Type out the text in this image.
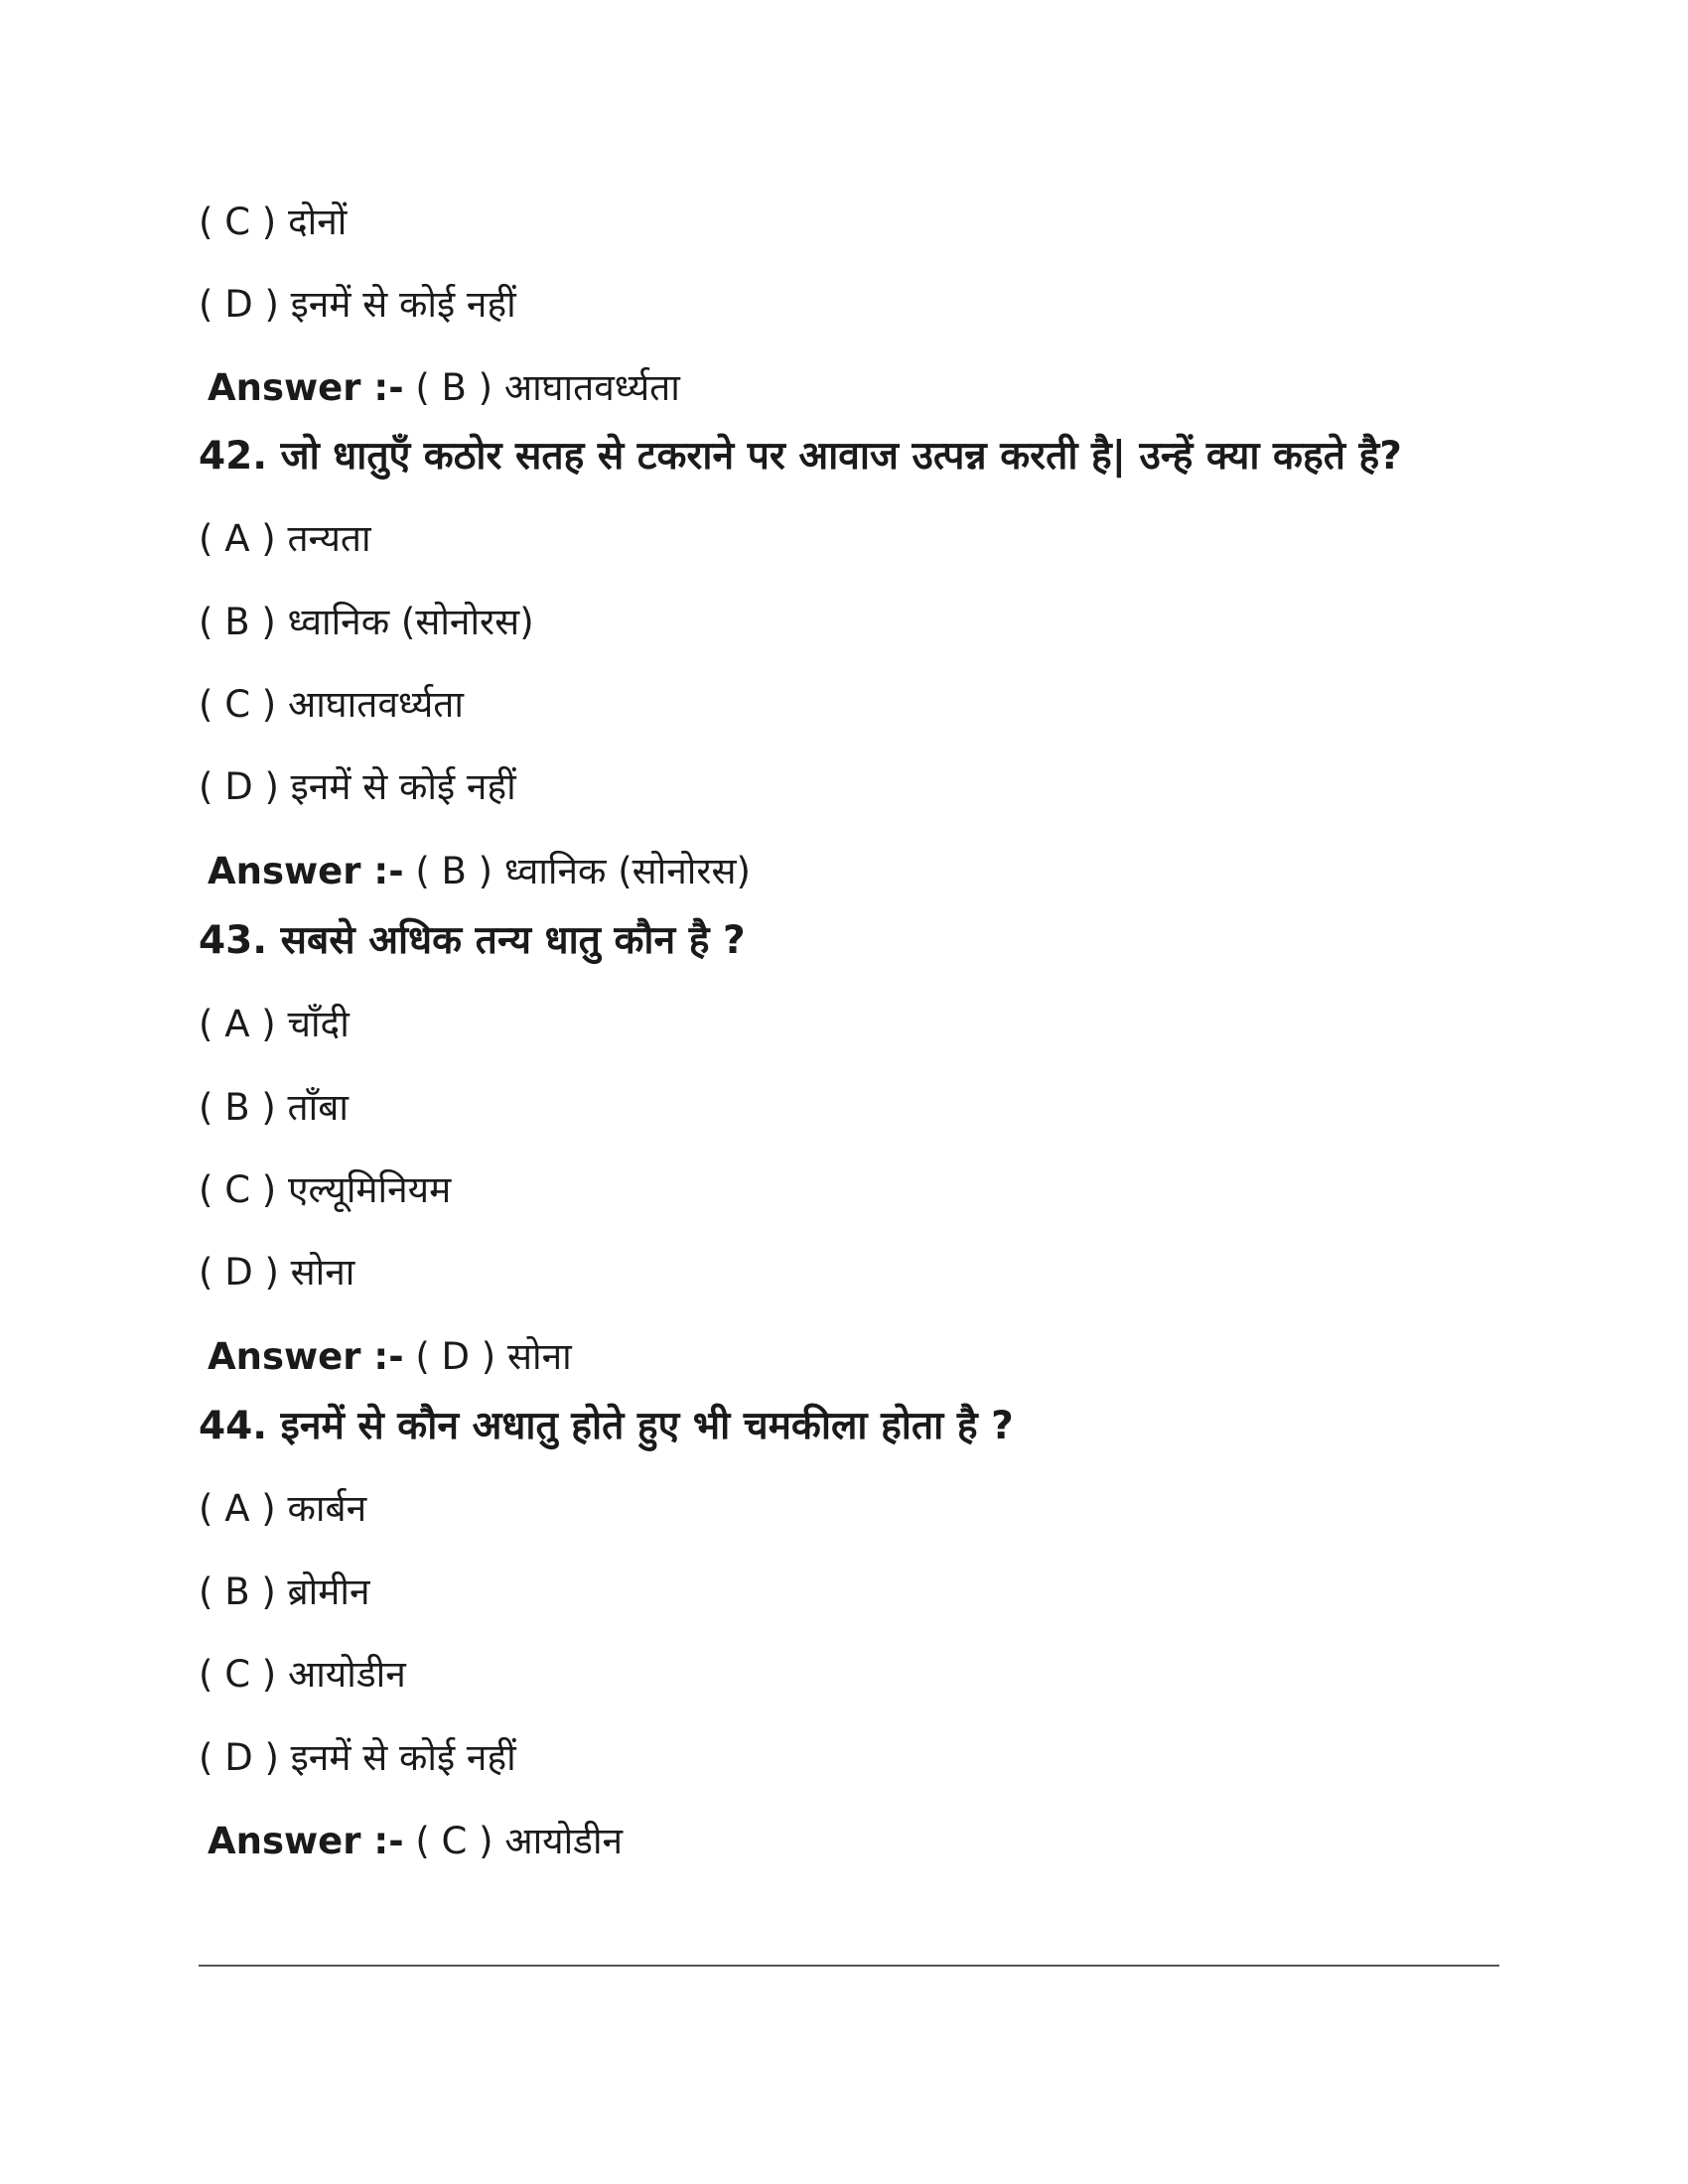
( C ) दोनों
( D ) इनमें से कोई नहीं
Answer :- ( B ) आघातवर्ध्यता
42. जो धातुएँ कठोर सतह से टकराने पर आवाज उत्पन्न करती है| उन्हें क्या कहते है?
( A ) तन्यता
( B ) ध्वानिक (सोनोरस)
( C ) आघातवर्ध्यता
( D ) इनमें से कोई नहीं
Answer :- ( B ) ध्वानिक (सोनोरस)
43. सबसे अधिक तन्य धातु कौन है ?
( A ) चाँदी
( B ) ताँबा
( C ) एल्यूमिनियम
( D ) सोना
Answer :- ( D ) सोना
44. इनमें से कौन अधातु होते हुए भी चमकीला होता है ?
( A ) कार्बन
( B ) ब्रोमीन
( C ) आयोडीन
( D ) इनमें से कोई नहीं
Answer :- ( C ) आयोडीन
